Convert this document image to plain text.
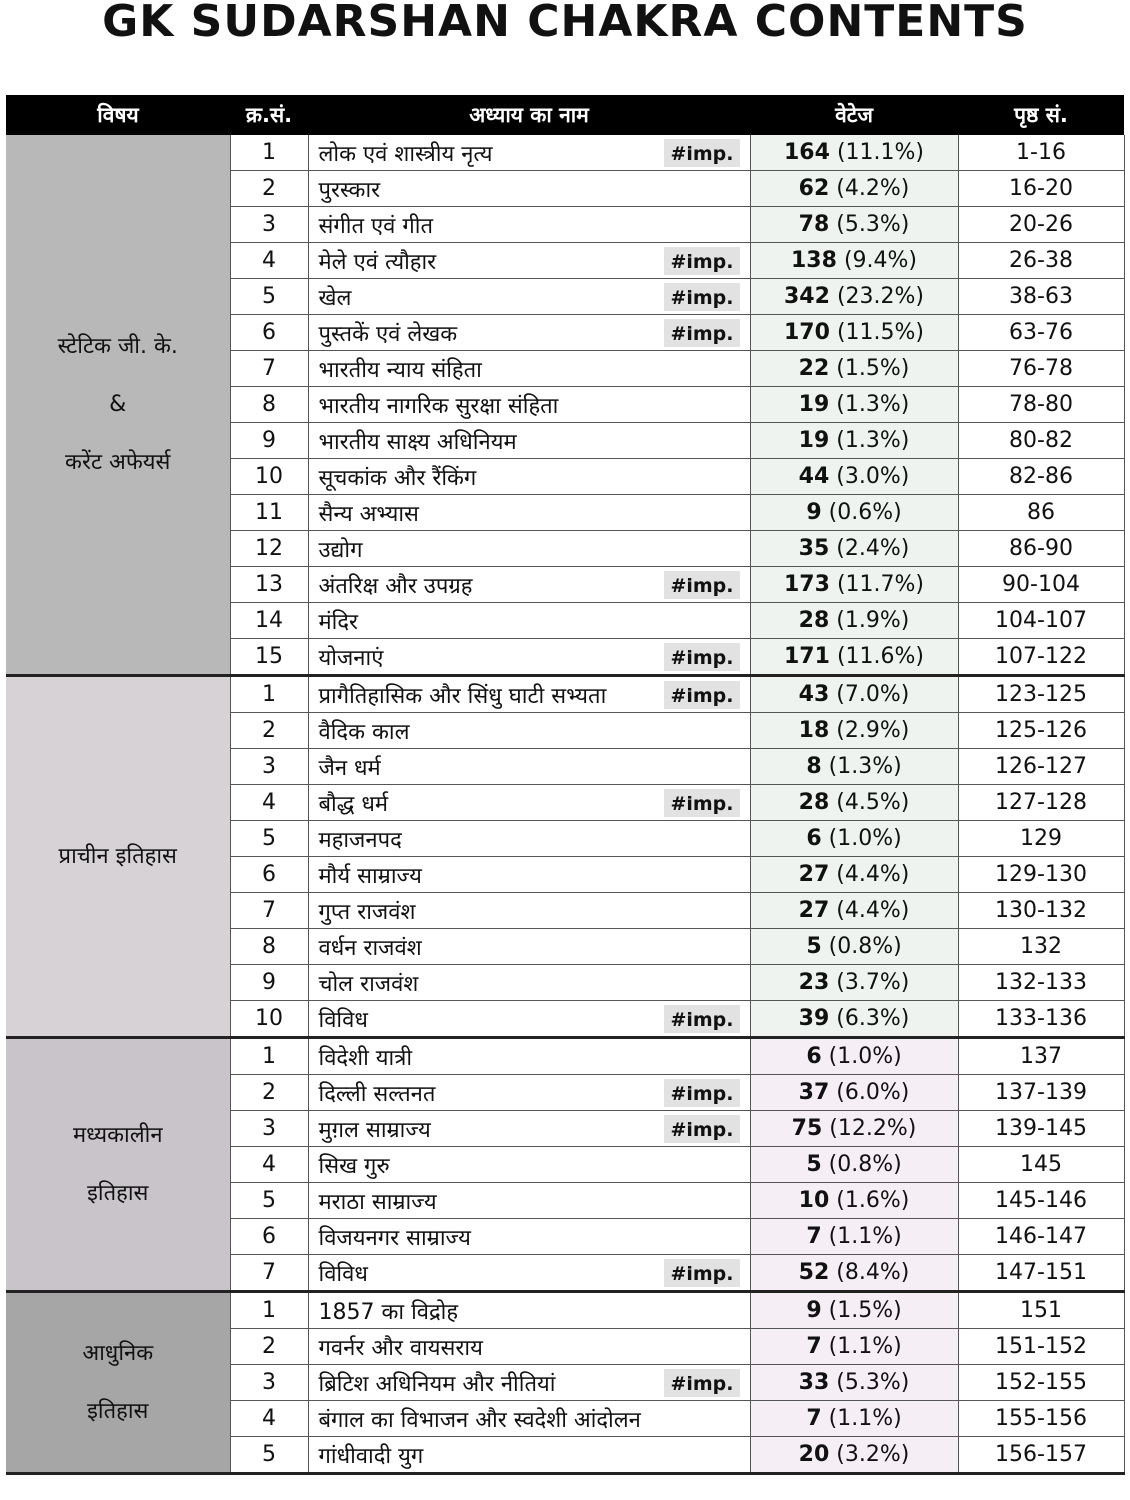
GK SUDARSHAN CHAKRA CONTENTS
विषय	क्र.सं.	अध्याय का नाम	वेटेज	पृष्ठ सं.
स्टेटिक जी. के.
&
करेंट अफेयर्स	1	लोक एवं शास्त्रीय नृत्य #imp.	164 (11.1%)	1-16
	2	पुरस्कार	62 (4.2%)	16-20
	3	संगीत एवं गीत	78 (5.3%)	20-26
	4	मेले एवं त्यौहार #imp.	138 (9.4%)	26-38
	5	खेल #imp.	342 (23.2%)	38-63
	6	पुस्तकें एवं लेखक #imp.	170 (11.5%)	63-76
	7	भारतीय न्याय संहिता	22 (1.5%)	76-78
	8	भारतीय नागरिक सुरक्षा संहिता	19 (1.3%)	78-80
	9	भारतीय साक्ष्य अधिनियम	19 (1.3%)	80-82
	10	सूचकांक और रैंकिंग	44 (3.0%)	82-86
	11	सैन्य अभ्यास	9 (0.6%)	86
	12	उद्योग	35 (2.4%)	86-90
	13	अंतरिक्ष और उपग्रह #imp.	173 (11.7%)	90-104
	14	मंदिर	28 (1.9%)	104-107
	15	योजनाएं #imp.	171 (11.6%)	107-122
प्राचीन इतिहास	1	प्रागैतिहासिक और सिंधु घाटी सभ्यता #imp.	43 (7.0%)	123-125
	2	वैदिक काल	18 (2.9%)	125-126
	3	जैन धर्म	8 (1.3%)	126-127
	4	बौद्ध धर्म #imp.	28 (4.5%)	127-128
	5	महाजनपद	6 (1.0%)	129
	6	मौर्य साम्राज्य	27 (4.4%)	129-130
	7	गुप्त राजवंश	27 (4.4%)	130-132
	8	वर्धन राजवंश	5 (0.8%)	132
	9	चोल राजवंश	23 (3.7%)	132-133
	10	विविध #imp.	39 (6.3%)	133-136
मध्यकालीन
इतिहास	1	विदेशी यात्री	6 (1.0%)	137
	2	दिल्ली सल्तनत #imp.	37 (6.0%)	137-139
	3	मुग़ल साम्राज्य #imp.	75 (12.2%)	139-145
	4	सिख गुरु	5 (0.8%)	145
	5	मराठा साम्राज्य	10 (1.6%)	145-146
	6	विजयनगर साम्राज्य	7 (1.1%)	146-147
	7	विविध #imp.	52 (8.4%)	147-151
आधुनिक
इतिहास	1	1857 का विद्रोह	9 (1.5%)	151
	2	गवर्नर और वायसराय	7 (1.1%)	151-152
	3	ब्रिटिश अधिनियम और नीतियां #imp.	33 (5.3%)	152-155
	4	बंगाल का विभाजन और स्वदेशी आंदोलन	7 (1.1%)	155-156
	5	गांधीवादी युग	20 (3.2%)	156-157
